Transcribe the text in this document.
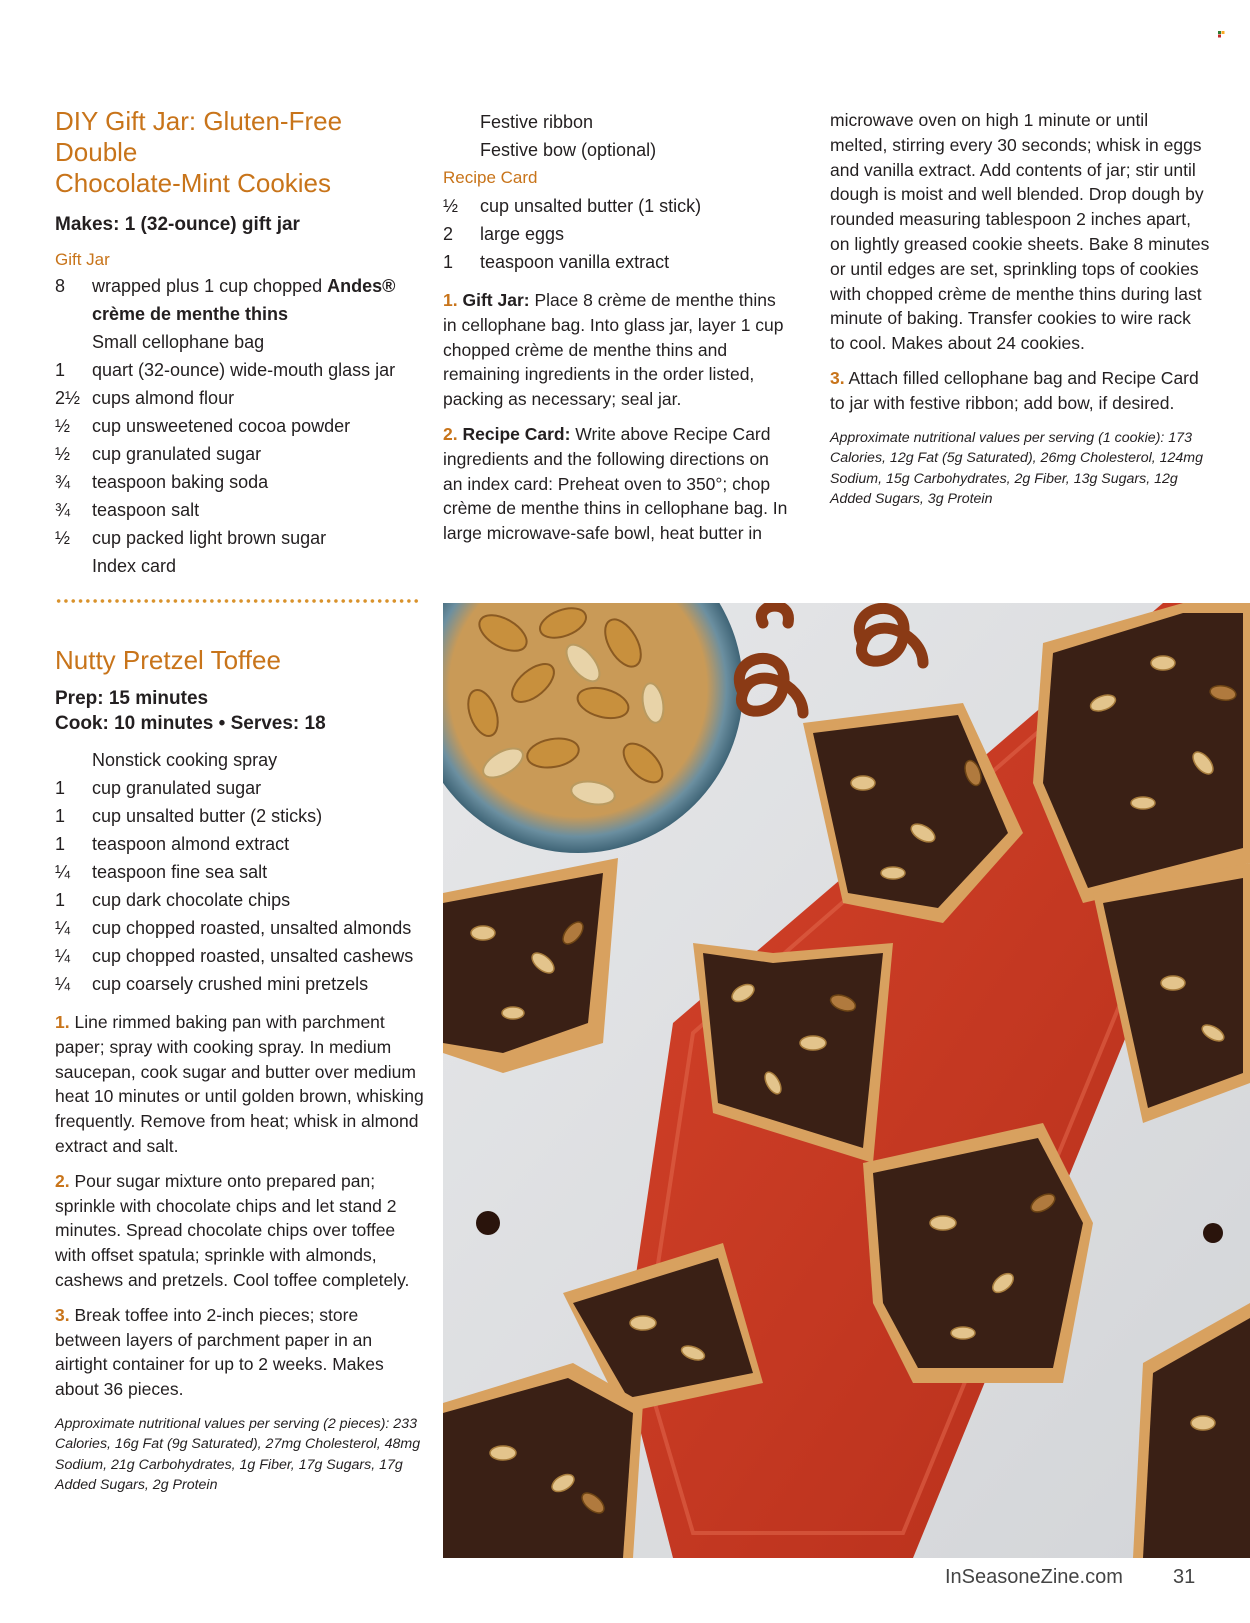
DIY Gift Jar: Gluten-Free Double
Chocolate-Mint Cookies
Makes: 1 (32-ounce) gift jar
Gift Jar
8	wrapped plus 1 cup chopped Andes®
crème de menthe thins
Small cellophane bag
1	quart (32-ounce) wide-mouth glass jar
2½ cups almond flour
½	cup unsweetened cocoa powder
½	cup granulated sugar
¾	teaspoon baking soda
¾	teaspoon salt
½	cup packed light brown sugar
Index card
Festive ribbon
Festive bow (optional)
Recipe Card
½	cup unsalted butter (1 stick)
2	large eggs
1	teaspoon vanilla extract
1. Gift Jar: Place 8 crème de menthe thins in cellophane bag. Into glass jar, layer 1 cup chopped crème de menthe thins and remaining ingredients in the order listed, packing as necessary; seal jar.
2. Recipe Card: Write above Recipe Card ingredients and the following directions on an index card: Preheat oven to 350°; chop crème de menthe thins in cellophane bag. In large microwave-safe bowl, heat butter in
microwave oven on high 1 minute or until melted, stirring every 30 seconds; whisk in eggs and vanilla extract. Add contents of jar; stir until dough is moist and well blended. Drop dough by rounded measuring tablespoon 2 inches apart, on lightly greased cookie sheets. Bake 8 minutes or until edges are set, sprinkling tops of cookies with chopped crème de menthe thins during last minute of baking. Transfer cookies to wire rack to cool. Makes about 24 cookies.
3. Attach filled cellophane bag and Recipe Card to jar with festive ribbon; add bow, if desired.
Approximate nutritional values per serving (1 cookie): 173 Calories, 12g Fat (5g Saturated), 26mg Cholesterol, 124mg Sodium, 15g Carbohydrates, 2g Fiber, 13g Sugars, 12g Added Sugars, 3g Protein
Nutty Pretzel Toffee
Prep: 15 minutes
Cook: 10 minutes • Serves: 18
Nonstick cooking spray
1	cup granulated sugar
1	cup unsalted butter (2 sticks)
1	teaspoon almond extract
¼	teaspoon fine sea salt
1	cup dark chocolate chips
¼	cup chopped roasted, unsalted almonds
¼	cup chopped roasted, unsalted cashews
¼	cup coarsely crushed mini pretzels
1. Line rimmed baking pan with parchment paper; spray with cooking spray. In medium saucepan, cook sugar and butter over medium heat 10 minutes or until golden brown, whisking frequently. Remove from heat; whisk in almond extract and salt.
2. Pour sugar mixture onto prepared pan; sprinkle with chocolate chips and let stand 2 minutes. Spread chocolate chips over toffee with offset spatula; sprinkle with almonds, cashews and pretzels. Cool toffee completely.
3. Break toffee into 2-inch pieces; store between layers of parchment paper in an airtight container for up to 2 weeks. Makes about 36 pieces.
Approximate nutritional values per serving (2 pieces): 233 Calories, 16g Fat (9g Saturated), 27mg Cholesterol, 48mg Sodium, 21g Carbohydrates, 1g Fiber, 17g Sugars, 17g Added Sugars, 2g Protein
InSeasoneZine.com	31
